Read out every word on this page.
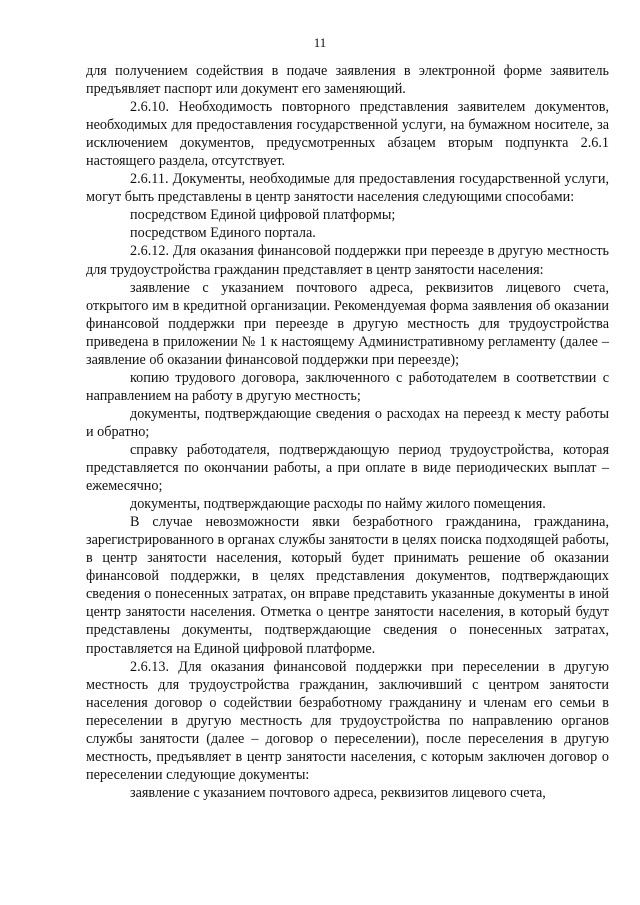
11

для получением содействия в подаче заявления в электронной форме заявитель предъявляет паспорт или документ его заменяющий.

2.6.10. Необходимость повторного представления заявителем документов, необходимых для предоставления государственной услуги, на бумажном носителе, за исключением документов, предусмотренных абзацем вторым подпункта 2.6.1 настоящего раздела, отсутствует.

2.6.11. Документы, необходимые для предоставления государственной услуги, могут быть представлены в центр занятости населения следующими способами:

посредством Единой цифровой платформы;

посредством Единого портала.

2.6.12. Для оказания финансовой поддержки при переезде в другую местность для трудоустройства гражданин представляет в центр занятости населения:

заявление с указанием почтового адреса, реквизитов лицевого счета, открытого им в кредитной организации. Рекомендуемая форма заявления об оказании финансовой поддержки при переезде в другую местность для трудоустройства приведена в приложении № 1 к настоящему Административному регламенту (далее – заявление об оказании финансовой поддержки при переезде);

копию трудового договора, заключенного с работодателем в соответствии с направлением на работу в другую местность;

документы, подтверждающие сведения о расходах на переезд к месту работы и обратно;

справку работодателя, подтверждающую период трудоустройства, которая представляется по окончании работы, а при оплате в виде периодических выплат – ежемесячно;

документы, подтверждающие расходы по найму жилого помещения.

В случае невозможности явки безработного гражданина, гражданина, зарегистрированного в органах службы занятости в целях поиска подходящей работы, в центр занятости населения, который будет принимать решение об оказании финансовой поддержки, в целях представления документов, подтверждающих сведения о понесенных затратах, он вправе представить указанные документы в иной центр занятости населения. Отметка о центре занятости населения, в который будут представлены документы, подтверждающие сведения о понесенных затратах, проставляется на Единой цифровой платформе.

2.6.13. Для оказания финансовой поддержки при переселении в другую местность для трудоустройства гражданин, заключивший с центром занятости населения договор о содействии безработному гражданину и членам его семьи в переселении в другую местность для трудоустройства по направлению органов службы занятости (далее – договор о переселении), после переселения в другую местность, предъявляет в центр занятости населения, с которым заключен договор о переселении следующие документы:

заявление с указанием почтового адреса, реквизитов лицевого счета,
